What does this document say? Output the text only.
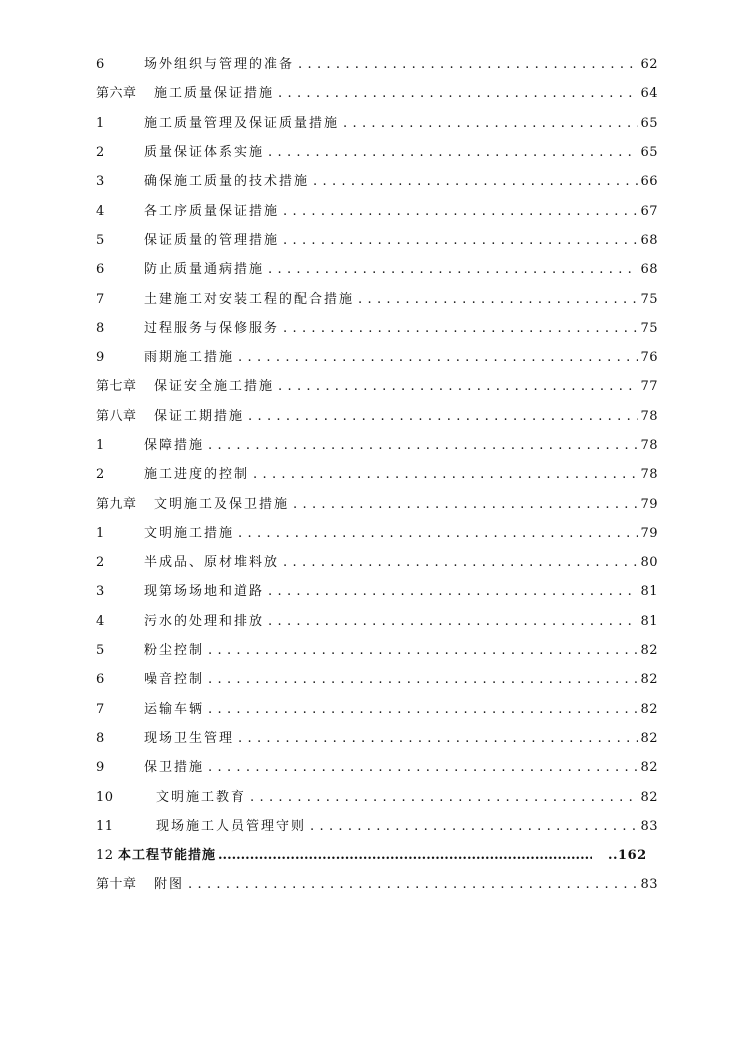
6	场外组织与管理的准备 . . .	62
第六章	施工质量保证措施 . . .	64
1	施工质量管理及保证质量措施 . . .	65
2	质量保证体系实施 . . .	65
3	确保施工质量的技术措施 . . .	66
4	各工序质量保证措施 . . .	67
5	保证质量的管理措施 . . .	68
6	防止质量通病措施 . . .	68
7	土建施工对安装工程的配合措施 . . .	75
8	过程服务与保修服务 . . .	75
9	雨期施工措施 . . .	76
第七章	保证安全施工措施 . . .	77
第八章	保证工期措施 . . .	78
1	保障措施 . . .	78
2	施工进度的控制 . . .	78
第九章	文明施工及保卫措施 . . .	79
1	文明施工措施 . . .	79
2	半成品、原材堆料放 . . .	80
3	现第场场地和道路 . . .	81
4	污水的处理和排放 . . .	81
5	粉尘控制 . . .	82
6	噪音控制 . . .	82
7	运输车辆 . . .	82
8	现场卫生管理 . . .	82
9	保卫措施 . . .	82
10	文明施工教育 . . .	82
11	现场施工人员管理守则 . . .	83
12 本工程节能措施 .....	..162
第十章	附图 . . .	83
